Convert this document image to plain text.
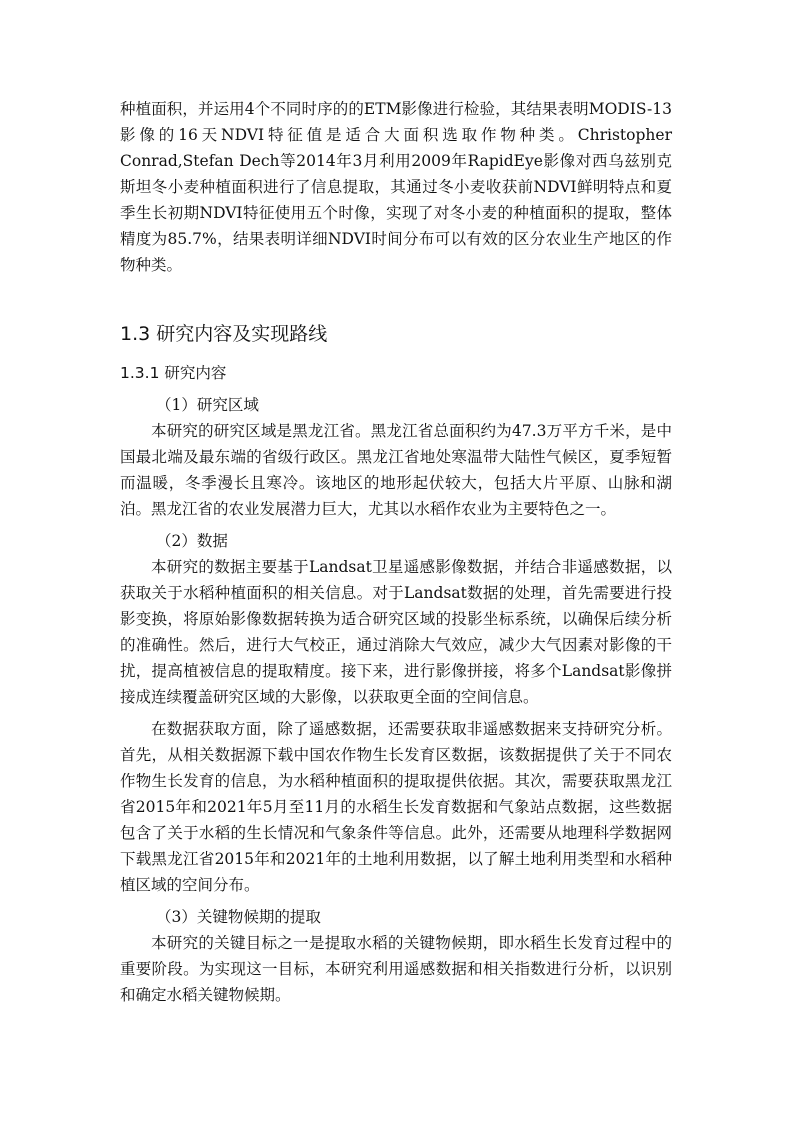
种植面积，并运用4个不同时序的的ETM影像进行检验，其结果表明MODIS-13影像的16天NDVI特征值是适合大面积选取作物种类。Christopher Conrad,Stefan Dech等2014年3月利用2009年RapidEye影像对西乌兹别克斯坦冬小麦种植面积进行了信息提取，其通过冬小麦收获前NDVI鲜明特点和夏季生长初期NDVI特征使用五个时像，实现了对冬小麦的种植面积的提取，整体精度为85.7%，结果表明详细NDVI时间分布可以有效的区分农业生产地区的作物种类。

1.3 研究内容及实现路线
1.3.1 研究内容
（1）研究区域

本研究的研究区域是黑龙江省。黑龙江省总面积约为47.3万平方千米，是中国最北端及最东端的省级行政区。黑龙江省地处寒温带大陆性气候区，夏季短暂而温暖，冬季漫长且寒冷。该地区的地形起伏较大，包括大片平原、山脉和湖泊。黑龙江省的农业发展潜力巨大，尤其以水稻作农业为主要特色之一。

（2）数据

本研究的数据主要基于Landsat卫星遥感影像数据，并结合非遥感数据，以获取关于水稻种植面积的相关信息。对于Landsat数据的处理，首先需要进行投影变换，将原始影像数据转换为适合研究区域的投影坐标系统，以确保后续分析的准确性。然后，进行大气校正，通过消除大气效应，减少大气因素对影像的干扰，提高植被信息的提取精度。接下来，进行影像拼接，将多个Landsat影像拼接成连续覆盖研究区域的大影像，以获取更全面的空间信息。

在数据获取方面，除了遥感数据，还需要获取非遥感数据来支持研究分析。首先，从相关数据源下载中国农作物生长发育区数据，该数据提供了关于不同农作物生长发育的信息，为水稻种植面积的提取提供依据。其次，需要获取黑龙江省2015年和2021年5月至11月的水稻生长发育数据和气象站点数据，这些数据包含了关于水稻的生长情况和气象条件等信息。此外，还需要从地理科学数据网下载黑龙江省2015年和2021年的土地利用数据，以了解土地利用类型和水稻种植区域的空间分布。

（3）关键物候期的提取

本研究的关键目标之一是提取水稻的关键物候期，即水稻生长发育过程中的重要阶段。为实现这一目标，本研究利用遥感数据和相关指数进行分析，以识别和确定水稻关键物候期。
